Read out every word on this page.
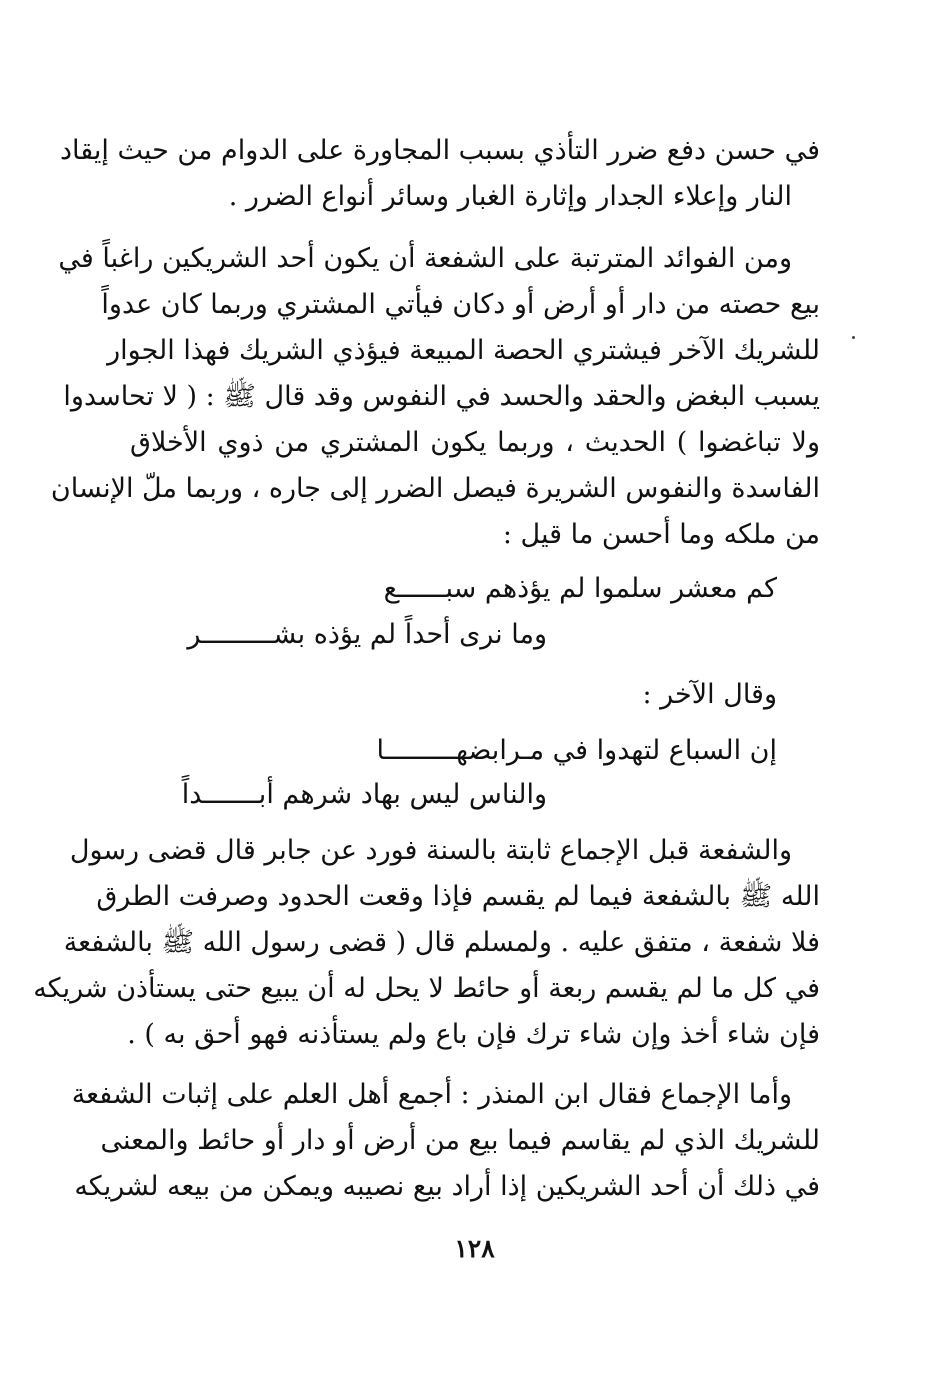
في حسن دفع ضرر التأذي بسبب المجاورة على الدوام من حيث إيقاد
النار وإعلاء الجدار وإثارة الغبار وسائر أنواع الضرر .
ومن الفوائد المترتبة على الشفعة أن يكون أحد الشريكين راغباً في
بيع حصته من دار أو أرض أو دكان فيأتي المشتري وربما كان عدواً
للشريك الآخر فيشتري الحصة المبيعة فيؤذي الشريك فهذا الجوار
يسبب البغض والحقد والحسد في النفوس وقد قال ﷺ : ( لا تحاسدوا
ولا تباغضوا ) الحديث ، وربما يكون المشتري من ذوي الأخلاق
الفاسدة والنفوس الشريرة فيصل الضرر إلى جاره ، وربما ملّ الإنسان
من ملكه وما أحسن ما قيل :
كم معشر سلموا لم يؤذهم سبــــــع
وما نرى أحداً لم يؤذه بشـــــــــر
وقال الآخر :
إن السباع لتهدوا في مـرابضهـــــــــا
والناس ليس بهاد شرهم أبـــــــداً
والشفعة قبل الإجماع ثابتة بالسنة فورد عن جابر قال قضى رسول
الله ﷺ بالشفعة فيما لم يقسم فإذا وقعت الحدود وصرفت الطرق
فلا شفعة ، متفق عليه . ولمسلم قال ( قضى رسول الله ﷺ بالشفعة
في كل ما لم يقسم ربعة أو حائط لا يحل له أن يبيع حتى يستأذن شريكه
فإن شاء أخذ وإن شاء ترك فإن باع ولم يستأذنه فهو أحق به ) .
وأما الإجماع فقال ابن المنذر : أجمع أهل العلم على إثبات الشفعة
للشريك الذي لم يقاسم فيما بيع من أرض أو دار أو حائط والمعنى
في ذلك أن أحد الشريكين إذا أراد بيع نصيبه ويمكن من بيعه لشريكه
١٢٨
